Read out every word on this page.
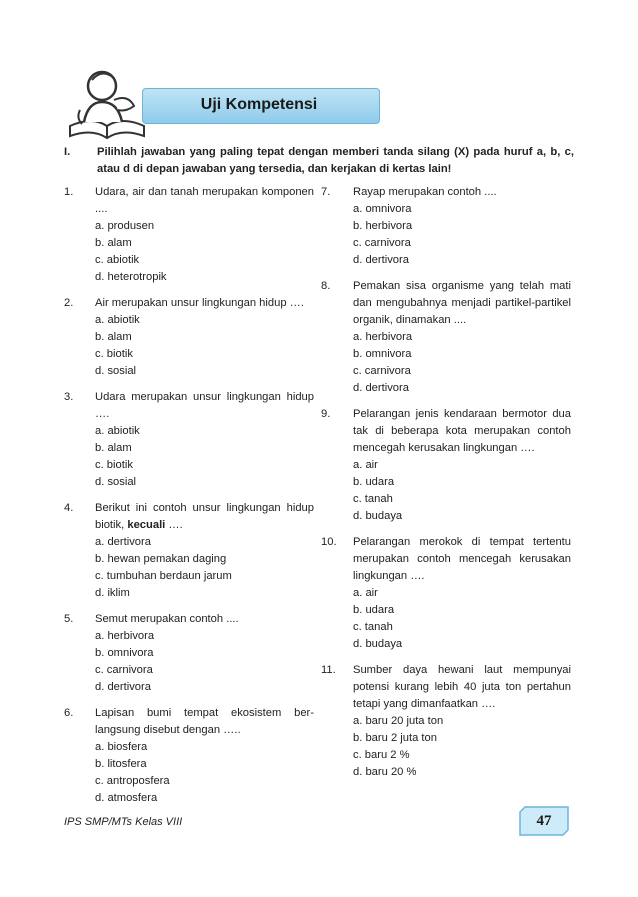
Uji Kompetensi
I. Pilihlah jawaban yang paling tepat dengan memberi tanda silang (X) pada huruf a, b, c, atau d di depan jawaban yang tersedia, dan kerjakan di kertas lain!
1. Udara, air dan tanah merupakan komponen ....
a. produsen
b. alam
c. abiotik
d. heterotropik
2. Air merupakan unsur lingkungan hidup ….
a. abiotik
b. alam
c. biotik
d. sosial
3. Udara merupakan unsur lingkungan hidup ….
a. abiotik
b. alam
c. biotik
d. sosial
4. Berikut ini contoh unsur lingkungan hidup biotik, kecuali ….
a. dertivora
b. hewan pemakan daging
c. tumbuhan berdaun jarum
d. iklim
5. Semut merupakan contoh ....
a. herbivora
b. omnivora
c. carnivora
d. dertivora
6. Lapisan bumi tempat ekosistem ber-langsung disebut dengan …..
a. biosfera
b. litosfera
c. antroposfera
d. atmosfera
7. Rayap merupakan contoh ....
a. omnivora
b. herbivora
c. carnivora
d. dertivora
8. Pemakan sisa organisme yang telah mati dan mengubahnya menjadi partikel-partikel organik, dinamakan ....
a. herbivora
b. omnivora
c. carnivora
d. dertivora
9. Pelarangan jenis kendaraan bermotor dua tak di beberapa kota merupakan contoh mencegah kerusakan lingkungan ….
a. air
b. udara
c. tanah
d. budaya
10. Pelarangan merokok di tempat tertentu merupakan contoh mencegah kerusakan lingkungan ….
a. air
b. udara
c. tanah
d. budaya
11. Sumber daya hewani laut mempunyai potensi kurang lebih 40 juta ton pertahun tetapi yang dimanfaatkan ….
a. baru 20 juta ton
b. baru 2 juta ton
c. baru 2 %
d. baru 20 %
IPS SMP/MTs Kelas VIII	47
